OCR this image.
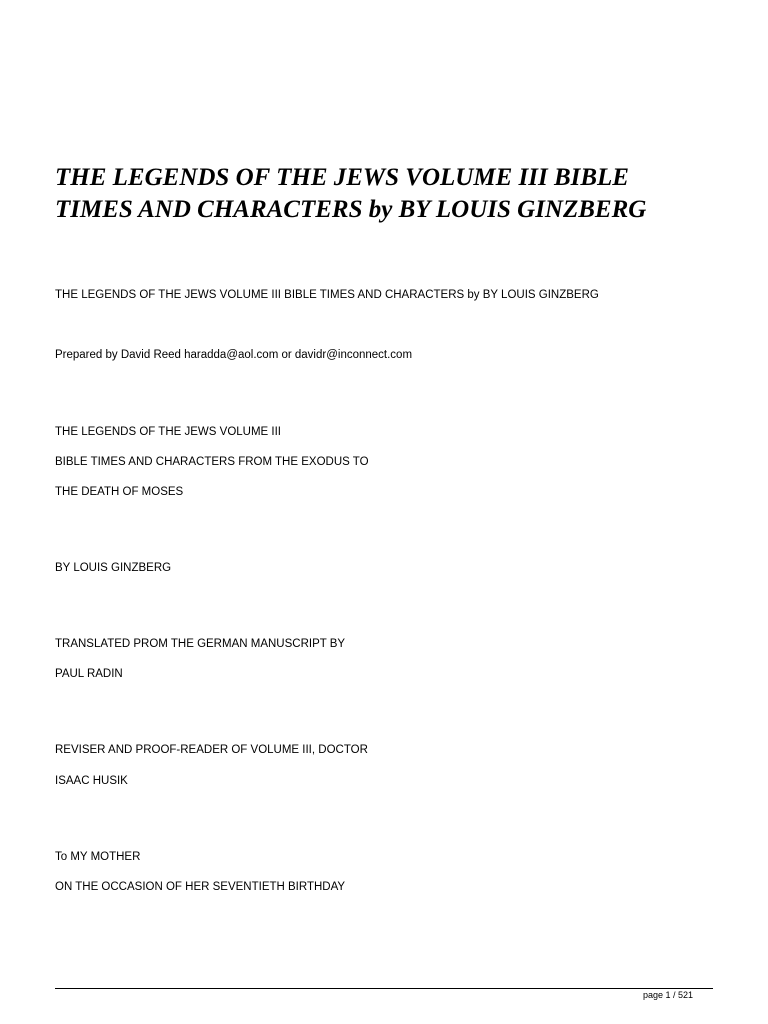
THE LEGENDS OF THE JEWS VOLUME III BIBLE
TIMES AND CHARACTERS by BY LOUIS GINZBERG

THE LEGENDS OF THE JEWS VOLUME III BIBLE TIMES AND CHARACTERS by BY LOUIS GINZBERG

Prepared by David Reed haradda@aol.com or davidr@inconnect.com

THE LEGENDS OF THE JEWS VOLUME III

BIBLE TIMES AND CHARACTERS FROM THE EXODUS TO

THE DEATH OF MOSES

BY LOUIS GINZBERG

TRANSLATED PROM THE GERMAN MANUSCRIPT BY

PAUL RADIN

REVISER AND PROOF-READER OF VOLUME III, DOCTOR

ISAAC HUSIK

To MY MOTHER

ON THE OCCASION OF HER SEVENTIETH BIRTHDAY

page 1 / 521
